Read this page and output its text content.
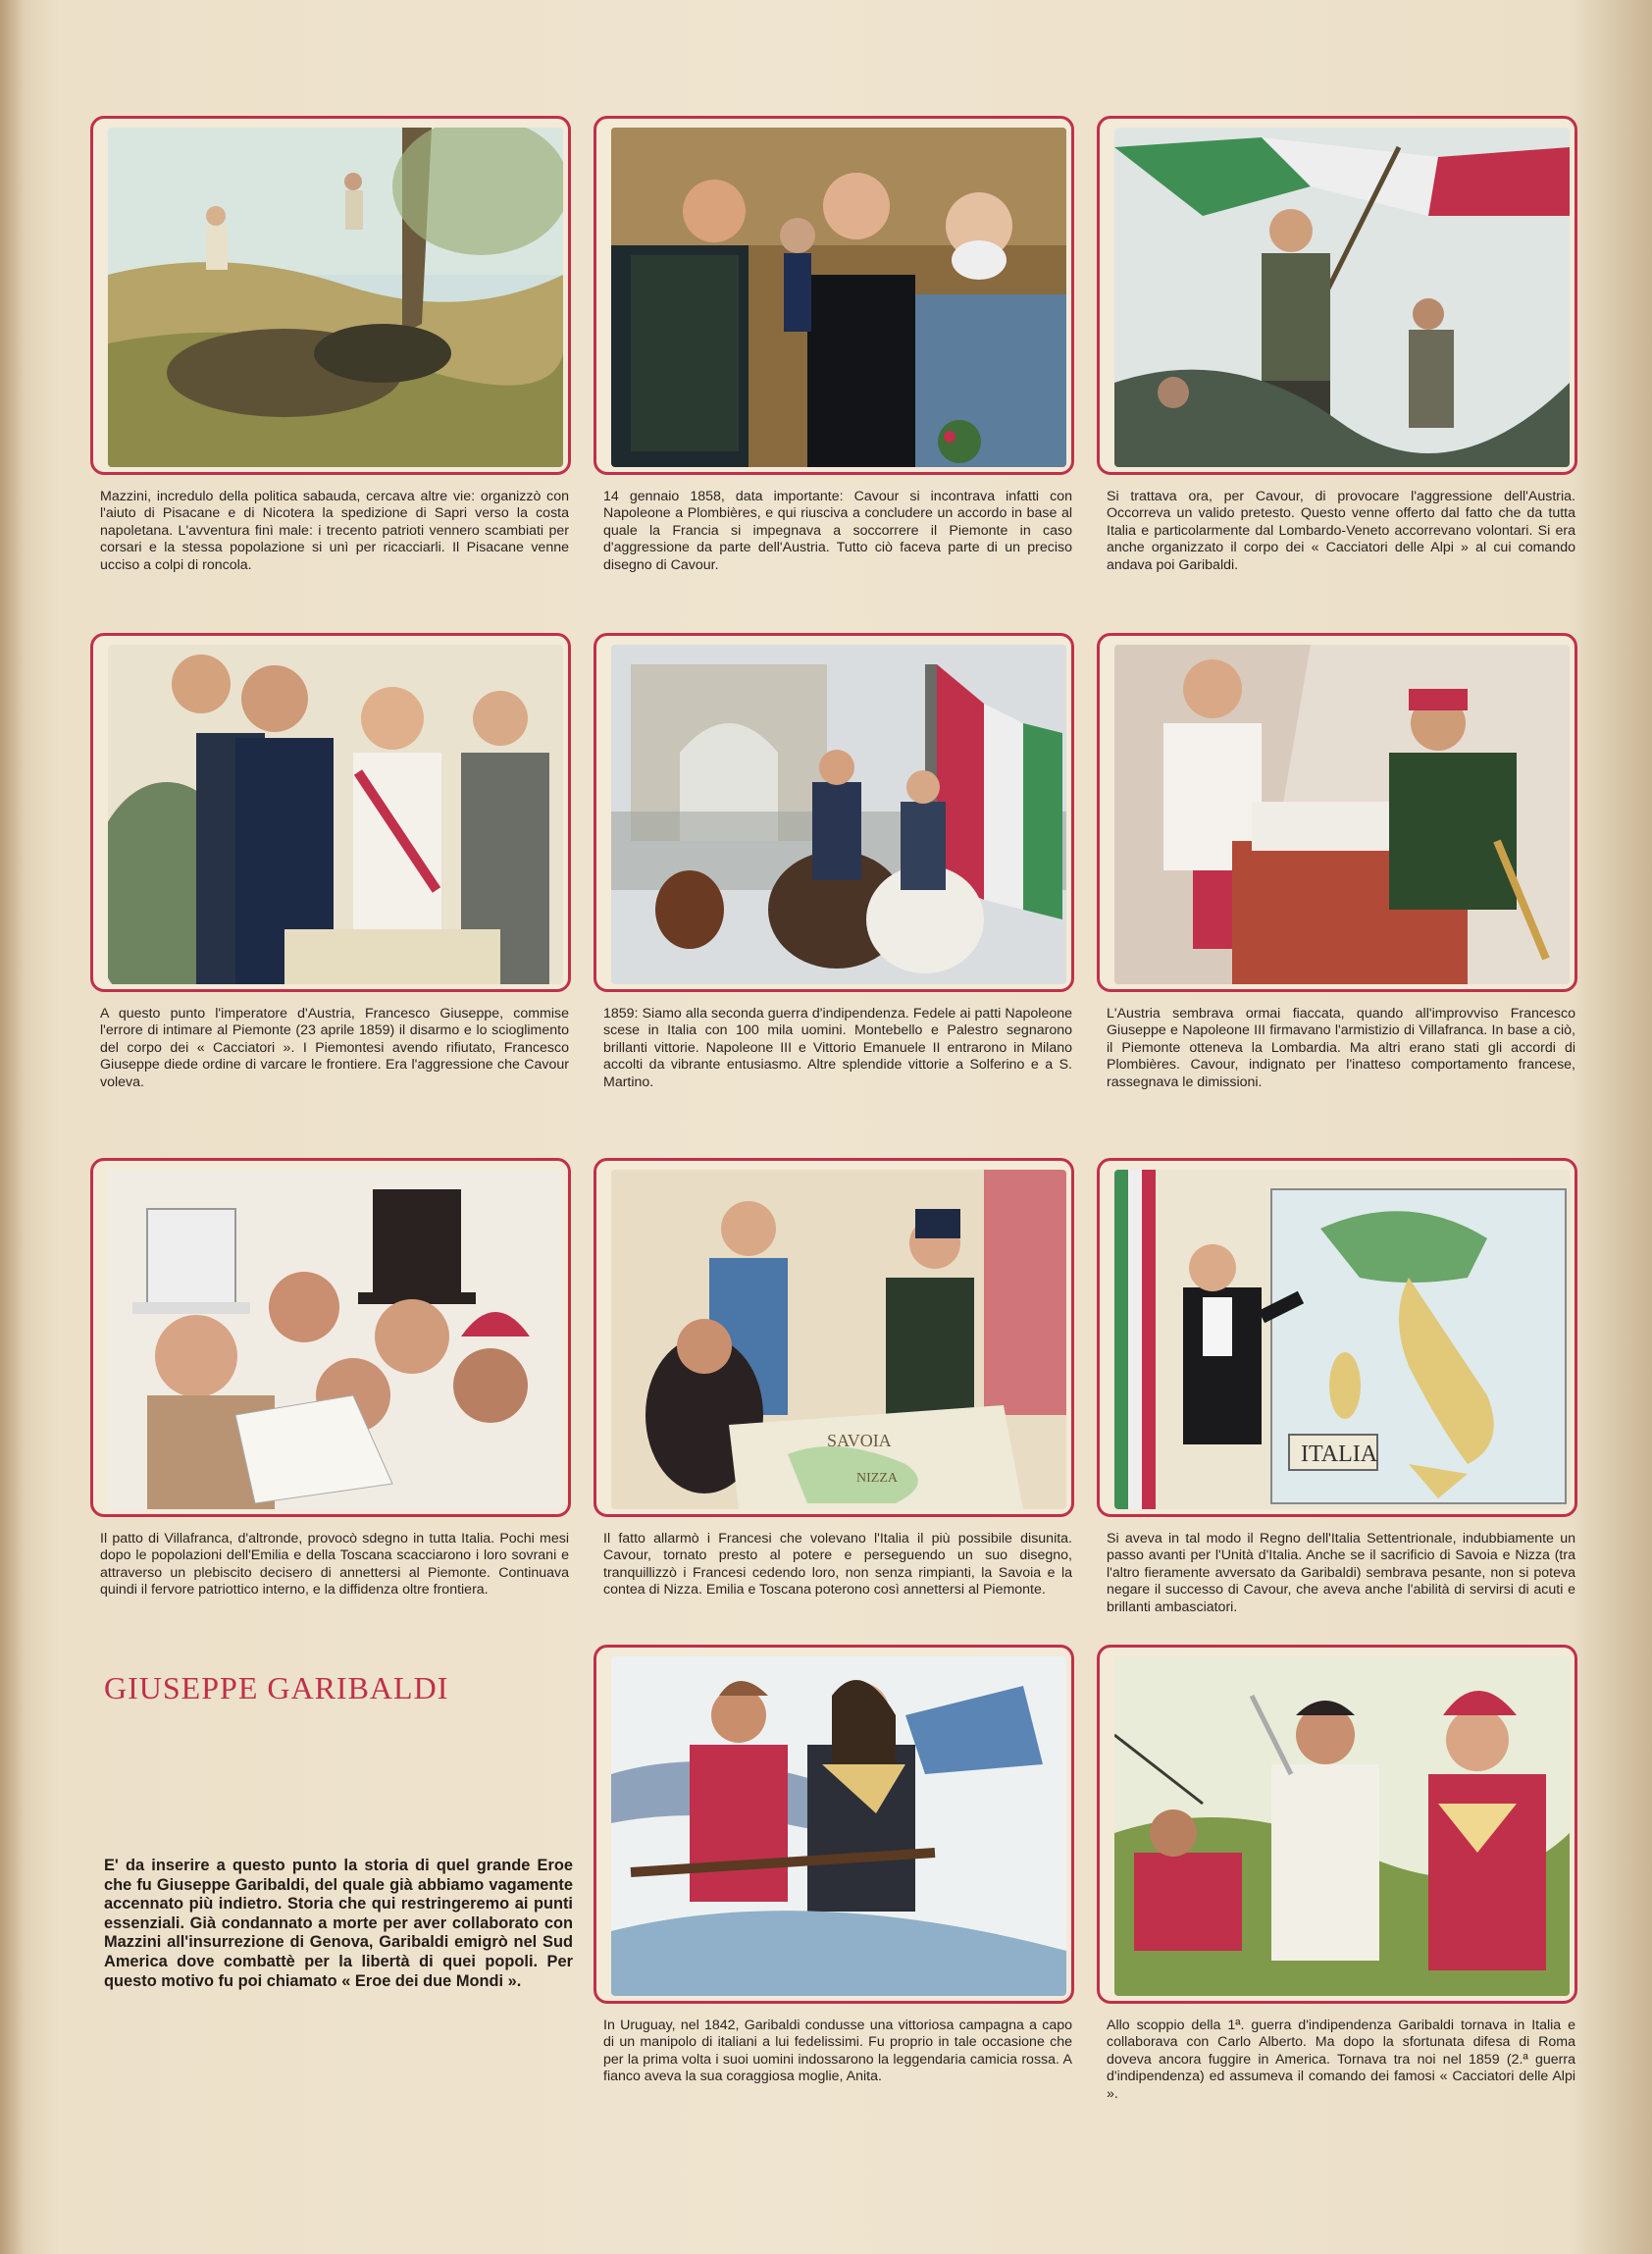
Mazzini, incredulo della politica sabauda, cercava altre vie: organizzò con l'aiuto di Pisacane e di Nicotera la spedizione di Sapri verso la costa napoletana. L'avventura finì male: i trecento patrioti vennero scambiati per corsari e la stessa popolazione si unì per ricacciarli. Il Pisacane venne ucciso a colpi di roncola.
14 gennaio 1858, data importante: Cavour si incontrava infatti con Napoleone a Plombières, e qui riusciva a concludere un accordo in base al quale la Francia si impegnava a soccorrere il Piemonte in caso d'aggressione da parte dell'Austria. Tutto ciò faceva parte di un preciso disegno di Cavour.
Si trattava ora, per Cavour, di provocare l'aggressione dell'Austria. Occorreva un valido pretesto. Questo venne offerto dal fatto che da tutta Italia e particolarmente dal Lombardo-Veneto accorrevano volontari. Si era anche organizzato il corpo dei « Cacciatori delle Alpi » al cui comando andava poi Garibaldi.
A questo punto l'imperatore d'Austria, Francesco Giuseppe, commise l'errore di intimare al Piemonte (23 aprile 1859) il disarmo e lo scioglimento del corpo dei « Cacciatori ». I Piemontesi avendo rifiutato, Francesco Giuseppe diede ordine di varcare le frontiere. Era l'aggressione che Cavour voleva.
1859: Siamo alla seconda guerra d'indipendenza. Fedele ai patti Napoleone scese in Italia con 100 mila uomini. Montebello e Palestro segnarono brillanti vittorie. Napoleone III e Vittorio Emanuele II entrarono in Milano accolti da vibrante entusiasmo. Altre splendide vittorie a Solferino e a S. Martino.
L'Austria sembrava ormai fiaccata, quando all'improvviso Francesco Giuseppe e Napoleone III firmavano l'armistizio di Villafranca. In base a ciò, il Piemonte otteneva la Lombardia. Ma altri erano stati gli accordi di Plombières. Cavour, indignato per l'inatteso comportamento francese, rassegnava le dimissioni.
Il patto di Villafranca, d'altronde, provocò sdegno in tutta Italia. Pochi mesi dopo le popolazioni dell'Emilia e della Toscana scacciarono i loro sovrani e attraverso un plebiscito decisero di annettersi al Piemonte. Continuava quindi il fervore patriottico interno, e la diffidenza oltre frontiera.
SAVOIA
NIZZA
Il fatto allarmò i Francesi che volevano l'Italia il più possibile disunita. Cavour, tornato presto al potere e perseguendo un suo disegno, tranquillizzò i Francesi cedendo loro, non senza rimpianti, la Savoia e la contea di Nizza. Emilia e Toscana poterono così annettersi al Piemonte.
ITALIA
Si aveva in tal modo il Regno dell'Italia Settentrionale, indubbiamente un passo avanti per l'Unità d'Italia. Anche se il sacrificio di Savoia e Nizza (tra l'altro fieramente avversato da Garibaldi) sembrava pesante, non si poteva negare il successo di Cavour, che aveva anche l'abilità di servirsi di acuti e brillanti ambasciatori.
GIUSEPPE GARIBALDI
E' da inserire a questo punto la storia di quel grande Eroe che fu Giuseppe Garibaldi, del quale già abbiamo vagamente accennato più indietro. Storia che qui restringeremo ai punti essenziali. Già condannato a morte per aver collaborato con Mazzini all'insurrezione di Genova, Garibaldi emigrò nel Sud America dove combattè per la libertà di quei popoli. Per questo motivo fu poi chiamato « Eroe dei due Mondi ».
In Uruguay, nel 1842, Garibaldi condusse una vittoriosa campagna a capo di un manipolo di italiani a lui fedelissimi. Fu proprio in tale occasione che per la prima volta i suoi uomini indossarono la leggendaria camicia rossa. A fianco aveva la sua coraggiosa moglie, Anita.
Allo scoppio della 1ª. guerra d'indipendenza Garibaldi tornava in Italia e collaborava con Carlo Alberto. Ma dopo la sfortunata difesa di Roma doveva ancora fuggire in America. Tornava tra noi nel 1859 (2.ª guerra d'indipendenza) ed assumeva il comando dei famosi « Cacciatori delle Alpi ».
